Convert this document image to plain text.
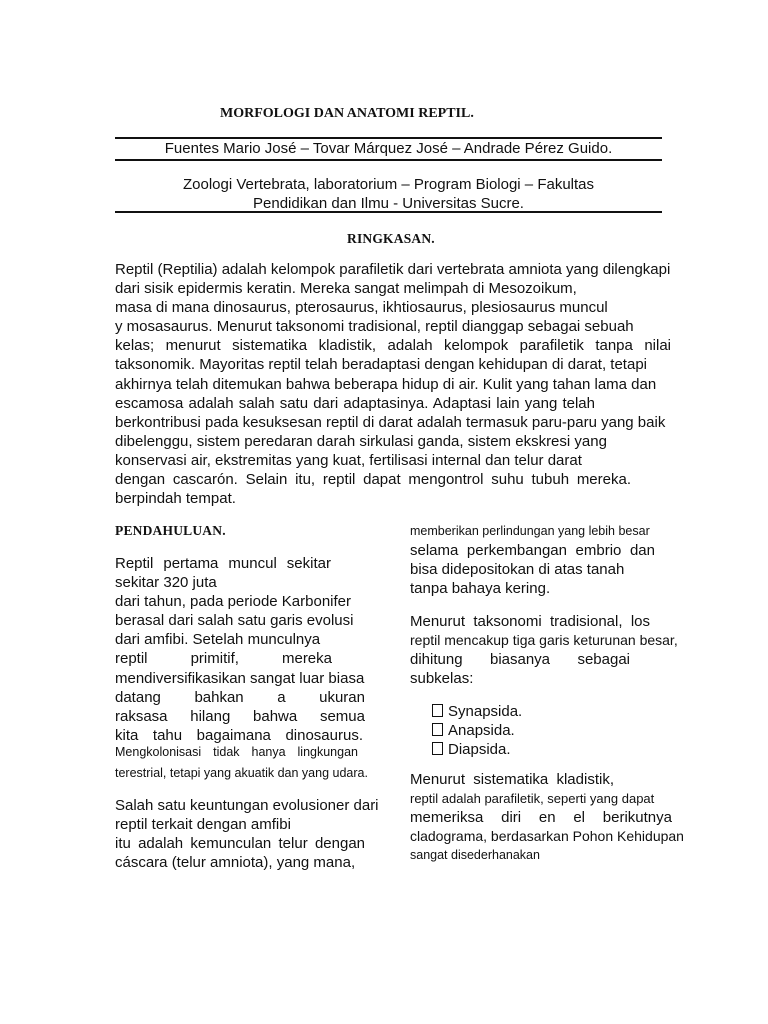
MORFOLOGI DAN ANATOMI REPTIL.
Fuentes Mario José – Tovar Márquez José – Andrade Pérez Guido.
Zoologi Vertebrata, laboratorium – Program Biologi – Fakultas
Pendidikan dan Ilmu - Universitas Sucre.
RINGKASAN.
Reptil (Reptilia) adalah kelompok parafiletik dari vertebrata amniota yang dilengkapi
dari sisik epidermis keratin. Mereka sangat melimpah di Mesozoikum,
masa di mana dinosaurus, pterosaurus, ikhtiosaurus, plesiosaurus muncul
y mosasaurus. Menurut taksonomi tradisional, reptil dianggap sebagai sebuah
kelas; menurut sistematika kladistik, adalah kelompok parafiletik tanpa nilai
taksonomik. Mayoritas reptil telah beradaptasi dengan kehidupan di darat, tetapi
akhirnya telah ditemukan bahwa beberapa hidup di air. Kulit yang tahan lama dan
escamosa adalah salah satu dari adaptasinya. Adaptasi lain yang telah
berkontribusi pada kesuksesan reptil di darat adalah termasuk paru-paru yang baik
dibelenggu, sistem peredaran darah sirkulasi ganda, sistem ekskresi yang
konservasi air, ekstremitas yang kuat, fertilisasi internal dan telur darat
dengan cascarón. Selain itu, reptil dapat mengontrol suhu tubuh mereka.
berpindah tempat.
PENDAHULUAN.
Reptil pertama muncul sekitar
sekitar 320 juta
dari tahun, pada periode Karbonifer
berasal dari salah satu garis evolusi
dari amfibi. Setelah munculnya
reptil primitif, mereka
mendiversifikasikan sangat luar biasa
datang bahkan a ukuran
raksasa hilang bahwa semua
kita tahu bagaimana dinosaurus.
Mengkolonisasi tidak hanya lingkungan
terestrial, tetapi yang akuatik dan yang udara.
Salah satu keuntungan evolusioner dari
reptil terkait dengan amfibi
itu adalah kemunculan telur dengan
cáscara (telur amniota), yang mana,
memberikan perlindungan yang lebih besar
selama perkembangan embrio dan
bisa didepositokan di atas tanah
tanpa bahaya kering.
Menurut taksonomi tradisional, los
reptil mencakup tiga garis keturunan besar,
dihitung biasanya sebagai
subkelas:
Synapsida.
Anapsida.
Diapsida.
Menurut sistematika kladistik,
reptil adalah parafiletik, seperti yang dapat
memeriksa diri en el berikutnya
cladograma, berdasarkan Pohon Kehidupan
sangat disederhanakan
